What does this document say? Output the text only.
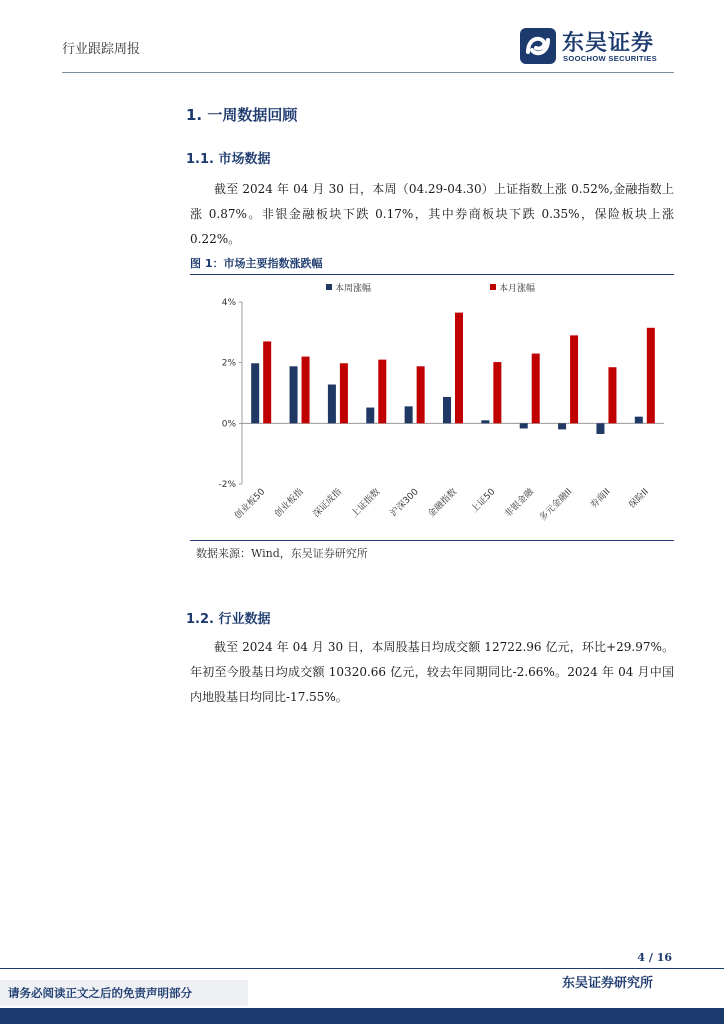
行业跟踪周报	东吴证券
SOOCHOW SECURITIES
1. 一周数据回顾
1.1. 市场数据
截至 2024 年 04 月 30 日，本周（04.29-04.30）上证指数上涨 0.52%,金融指数上涨 0.87%。非银金融板块下跌 0.17%，其中券商板块下跌 0.35%，保险板块上涨 0.22%。
图 1：市场主要指数涨跌幅
本周涨幅	本月涨幅
4%
2%
0%
-2%
创业板50 创业板指 深证成指 上证指数 沪深300 金融指数 上证50 非银金融 多元金融II 券商II 保险II
数据来源：Wind，东吴证券研究所
1.2. 行业数据
截至 2024 年 04 月 30 日，本周股基日均成交额 12722.96 亿元，环比+29.97%。年初至今股基日均成交额 10320.66 亿元，较去年同期同比-2.66%。2024 年 04 月中国内地股基日均同比-17.55%。
4 / 16
请务必阅读正文之后的免责声明部分
东吴证券研究所
